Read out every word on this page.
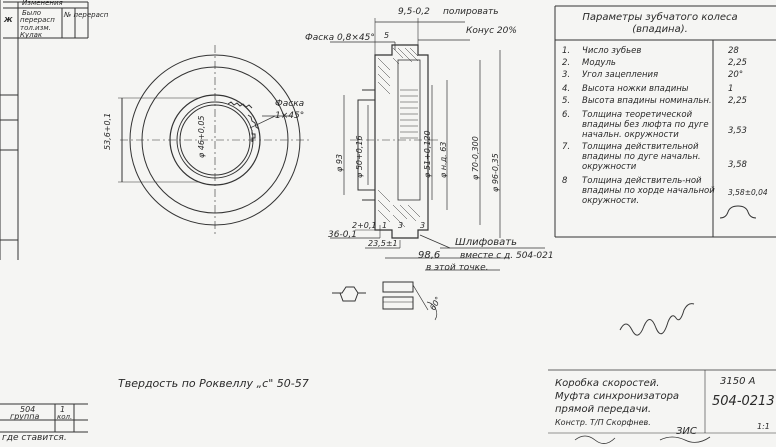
Изменения
Было
Ж перерасп
тол.изм.
Кулак
№ перерасп	9,5-0,2 полировать
Конус 20%
Фаска 0,8×45°
Фаска
1×45°
53,6+0,1	φ 46+0,05
φ 93 φ 50+0,16	φ 51+0,120 φ н.д. 63	φ 70-0,300 φ 96-0,35
5
2+0,1 1 3 3
36-0,1
23,5±1
98,6
Шлифовать
вместе с д. 504-021
в этой точке.
60°
Параметры зубчатого колеса
(впадина).
1. Число зубьев	28
2. Модуль	2,25
3. Угол зацепления	20°
4. Высота ножки впадины	1
5. Высота впадины номинальн.	2,25
6. Толщина теоретической впадины без люфта по дуге начальн. окружности	3,53
7. Толщина действительной впадины по дуге начальн. окружности	3,58
8 Толщина действитель-ной впадины по хорде начальной окружности.
3,58±0,04
Твердость по Роквеллу „с" 50-57	Коробка скоростей.
Муфта синхронизатора
прямой передачи.
Констр. Т/П Скорфнев.
3150 А
504-0213
1:1
ЗИС
504
группа
1
кол.
где ставится.
